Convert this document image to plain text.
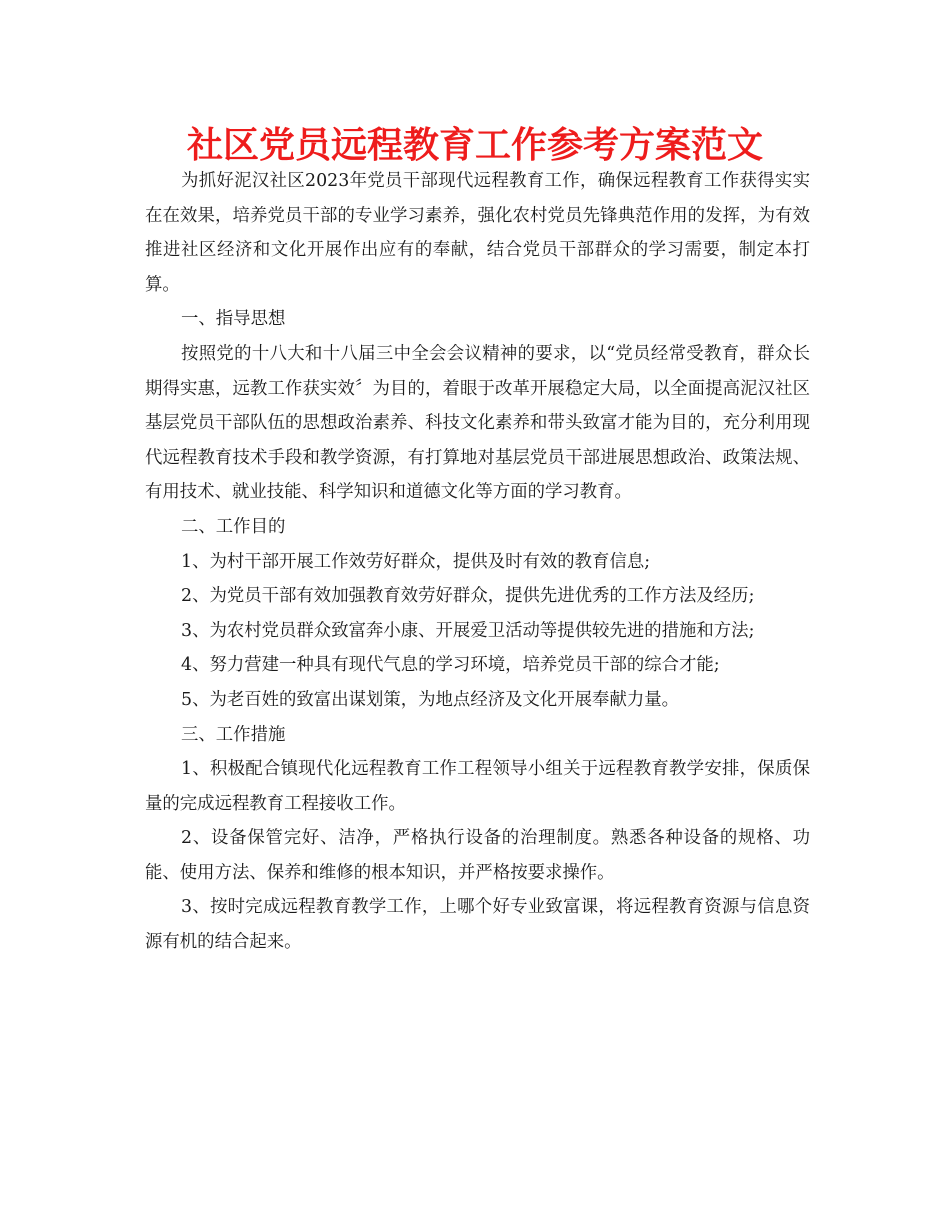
社区党员远程教育工作参考方案范文

为抓好泥汉社区2023年党员干部现代远程教育工作，确保远程教育工作获得实实在在效果，培养党员干部的专业学习素养，强化农村党员先锋典范作用的发挥，为有效推进社区经济和文化开展作出应有的奉献，结合党员干部群众的学习需要，制定本打算。

一、指导思想

按照党的十八大和十八届三中全会会议精神的要求，以“党员经常受教育，群众长期得实惠，远教工作获实效〞为目的，着眼于改革开展稳定大局，以全面提高泥汉社区基层党员干部队伍的思想政治素养、科技文化素养和带头致富才能为目的，充分利用现代远程教育技术手段和教学资源，有打算地对基层党员干部进展思想政治、政策法规、有用技术、就业技能、科学知识和道德文化等方面的学习教育。

二、工作目的

1、为村干部开展工作效劳好群众，提供及时有效的教育信息;

2、为党员干部有效加强教育效劳好群众，提供先进优秀的工作方法及经历;

3、为农村党员群众致富奔小康、开展爱卫活动等提供较先进的措施和方法;

4、努力营建一种具有现代气息的学习环境，培养党员干部的综合才能;

5、为老百姓的致富出谋划策，为地点经济及文化开展奉献力量。

三、工作措施

1、积极配合镇现代化远程教育工作工程领导小组关于远程教育教学安排，保质保量的完成远程教育工程接收工作。

2、设备保管完好、洁净，严格执行设备的治理制度。熟悉各种设备的规格、功能、使用方法、保养和维修的根本知识，并严格按要求操作。

3、按时完成远程教育教学工作，上哪个好专业致富课，将远程教育资源与信息资源有机的结合起来。
